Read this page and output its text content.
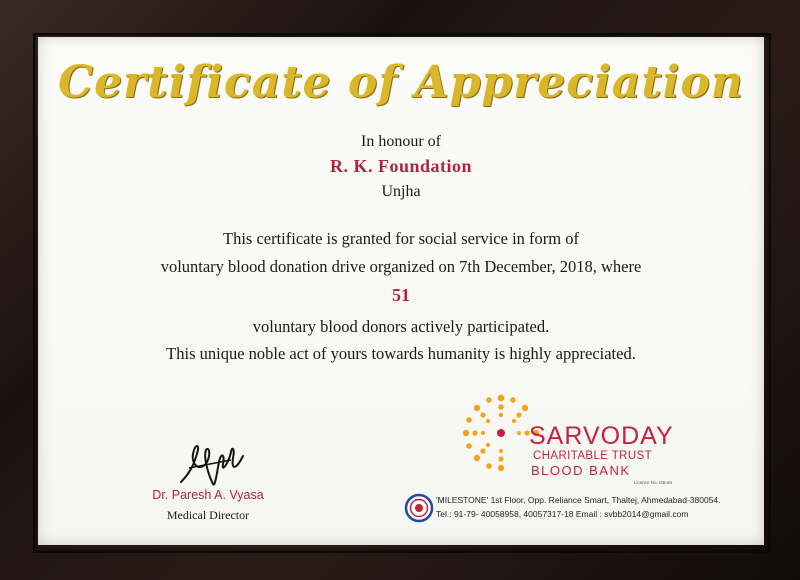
Certificate of Appreciation
In honour of
R. K. Foundation
Unjha
This certificate is granted for social service in form of
voluntary blood donation drive organized on 7th December, 2018, where
51
voluntary blood donors actively participated.
This unique noble act of yours towards humanity is highly appreciated.
Dr. Paresh A. Vyasa
Medical Director
SARVODAY
CHARITABLE TRUST
BLOOD BANK
Licence No. GB-84
'MILESTONE' 1st Floor, Opp. Reliance Smart, Thaltej, Ahmedabad-380054.
Tel.: 91-79- 40058958, 40057317-18 Email : svbb2014@gmail.com
